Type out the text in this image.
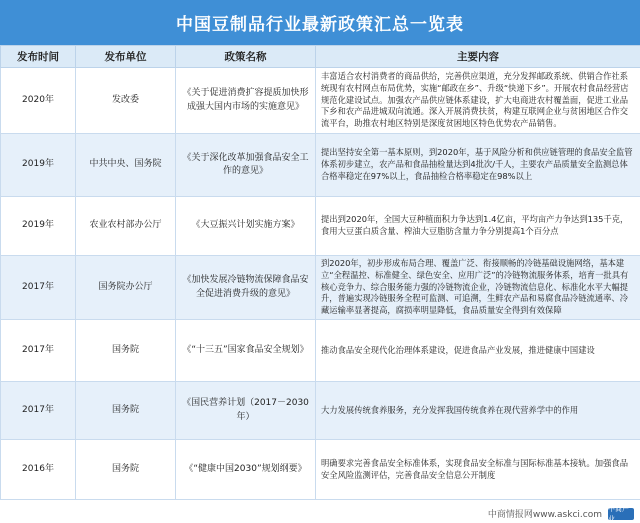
中国豆制品行业最新政策汇总一览表
发布时间	发布单位	政策名称	主要内容
2020年	发改委	《关于促进消费扩容提质加快形成强大国内市场的实施意见》	丰富适合农村消费者的商品供给，完善供应渠道，充分发挥邮政系统、供销合作社系统现有农村网点布局优势，实施“邮政在乡”、升级“快递下乡”。开展农村食品经营店规范化建设试点。加强农产品供应链体系建设，扩大电商进农村覆盖面，促进工业品下乡和农产品进城双向流通。深入开展消费扶贫，构建互联网企业与贫困地区合作交流平台，助推农村地区特别是深度贫困地区特色优势农产品销售。
2019年	中共中央、国务院	《关于深化改革加强食品安全工作的意见》	提出坚持安全第一基本原则，到2020年，基于风险分析和供应链管理的食品安全监管体系初步建立，农产品和食品抽检量达到4批次/千人，主要农产品质量安全监测总体合格率稳定在97%以上，食品抽检合格率稳定在98%以上
2019年	农业农村部办公厅	《大豆振兴计划实施方案》	提出到2020年，全国大豆种植面积力争达到1.4亿亩，平均亩产力争达到135千克，食用大豆蛋白质含量、榨油大豆脂肪含量力争分别提高1个百分点
2017年	国务院办公厅	《加快发展冷链物流保障食品安全促进消费升级的意见》	到2020年，初步形成布局合理、覆盖广泛、衔接顺畅的冷链基础设施网络，基本建立“全程温控、标准健全、绿色安全、应用广泛”的冷链物流服务体系，培育一批具有核心竞争力、综合服务能力强的冷链物流企业，冷链物流信息化、标准化水平大幅提升，普遍实现冷链服务全程可监测、可追溯，生鲜农产品和易腐食品冷链流通率、冷藏运输率显著提高，腐损率明显降低，食品质量安全得到有效保障
2017年	国务院	《“十三五”国家食品安全规划》	推动食品安全现代化治理体系建设，促进食品产业发展，推进健康中国建设
2017年	国务院	《国民营养计划（2017－2030年）	大力发展传统食养服务，充分发挥我国传统食养在现代营养学中的作用
2016年	国务院	《“健康中国2030”规划纲要》	明确要求完善食品安全标准体系，实现食品安全标准与国际标准基本接轨。加强食品安全风险监测评估，完善食品安全信息公开制度
中商情报网www.askci.com
中商产业
